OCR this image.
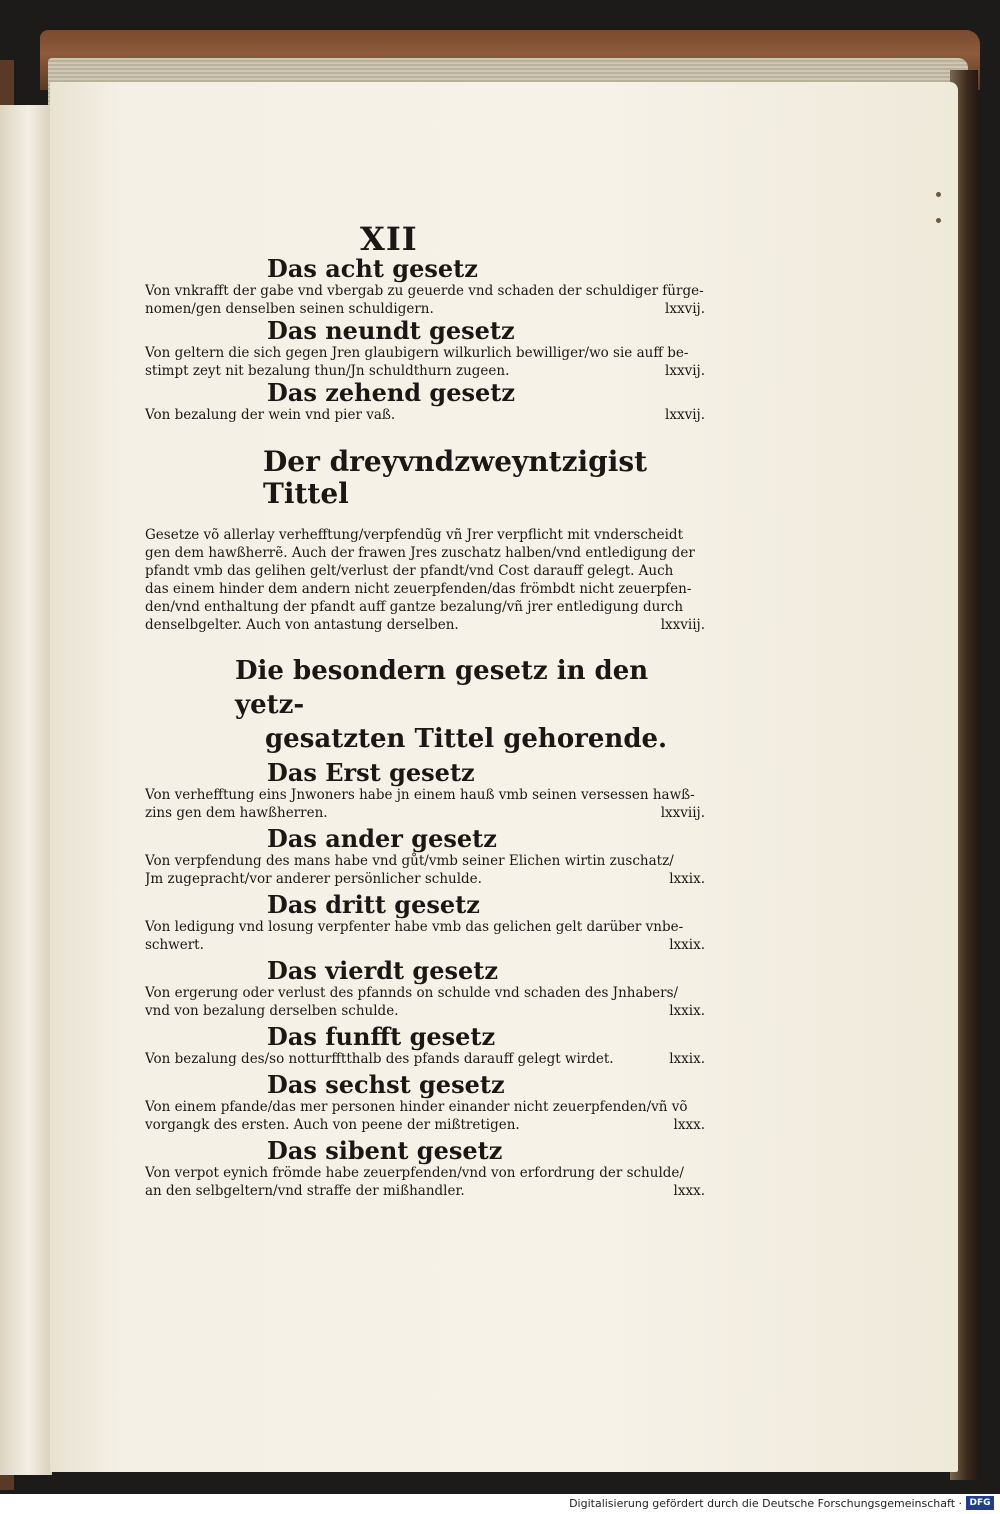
XII
Das acht gesetz
Von vnkrafft der gabe vnd vbergab zu geuerde vnd schaden der schuldiger fürge-
nomen/gen denselben seinen schuldigern.	lxxvij.
Das neundt gesetz
Von geltern die sich gegen Jren glaubigern wilkurlich bewilliger/wo sie auff be-
stimpt zeyt nit bezalung thun/Jn schuldthurn zugeen.	lxxvij.
Das zehend gesetz
Von bezalung der wein vnd pier vaß.	lxxvij.
Der dreyvndzweyntzigist Tittel
Gesetze võ allerlay verhefftung/verpfendũg vñ Jrer verpflicht mit vnderscheidt
gen dem hawßherrẽ. Auch der frawen Jres zuschatz halben/vnd entledigung der
pfandt vmb das gelihen gelt/verlust der pfandt/vnd Cost darauff gelegt. Auch
das einem hinder dem andern nicht zeuerpfenden/das frömbdt nicht zeuerpfen-
den/vnd enthaltung der pfandt auff gantze bezalung/vñ jrer entledigung durch
denselbgelter. Auch von antastung derselben.	lxxviij.
Die besondern gesetz in den yetz-
gesatzten Tittel gehorende.
Das Erst gesetz
Von verhefftung eins Jnwoners habe jn einem hauß vmb seinen versessen hawß-
zins gen dem hawßherren.	lxxviij.
Das ander gesetz
Von verpfendung des mans habe vnd gůt/vmb seiner Elichen wirtin zuschatz/
Jm zugepracht/vor anderer persönlicher schulde.	lxxix.
Das dritt gesetz
Von ledigung vnd losung verpfenter habe vmb das gelichen gelt darüber vnbe-
schwert.	lxxix.
Das vierdt gesetz
Von ergerung oder verlust des pfannds on schulde vnd schaden des Jnhabers/
vnd von bezalung derselben schulde.	lxxix.
Das funfft gesetz
Von bezalung des/so notturfftthalb des pfands darauff gelegt wirdet.	lxxix.
Das sechst gesetz
Von einem pfande/das mer personen hinder einander nicht zeuerpfenden/vñ võ
vorgangk des ersten. Auch von peene der mißtretigen.	lxxx.
Das sibent gesetz
Von verpot eynich frömde habe zeuerpfenden/vnd von erfordrung der schulde/
an den selbgeltern/vnd straffe der mißhandler.	lxxx.
Digitalisierung gefördert durch die Deutsche Forschungsgemeinschaft · DFG
